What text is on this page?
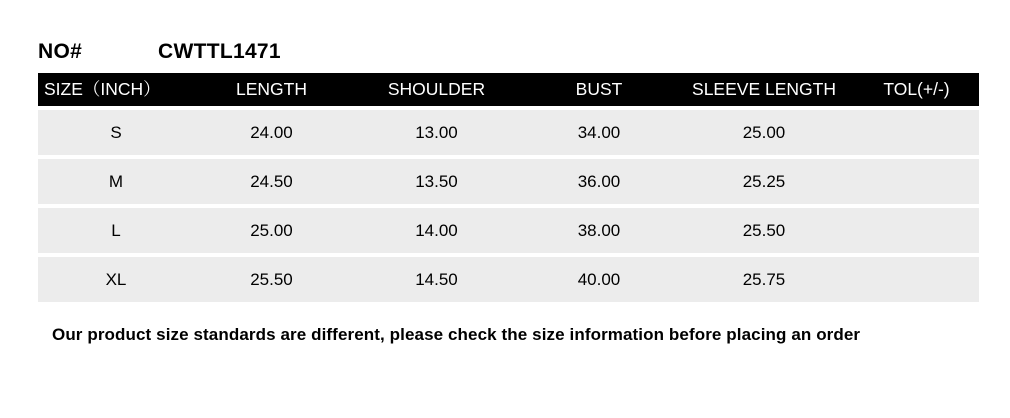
NO#	CWTTL1471
SIZE（INCH）	LENGTH	SHOULDER	BUST	SLEEVE LENGTH	TOL(+/-)

S	24.00	13.00	34.00	25.00	

M	24.50	13.50	36.00	25.25	

L	25.00	14.00	38.00	25.50	

XL	25.50	14.50	40.00	25.75	
Our product size standards are different, please check the size information before placing an order
